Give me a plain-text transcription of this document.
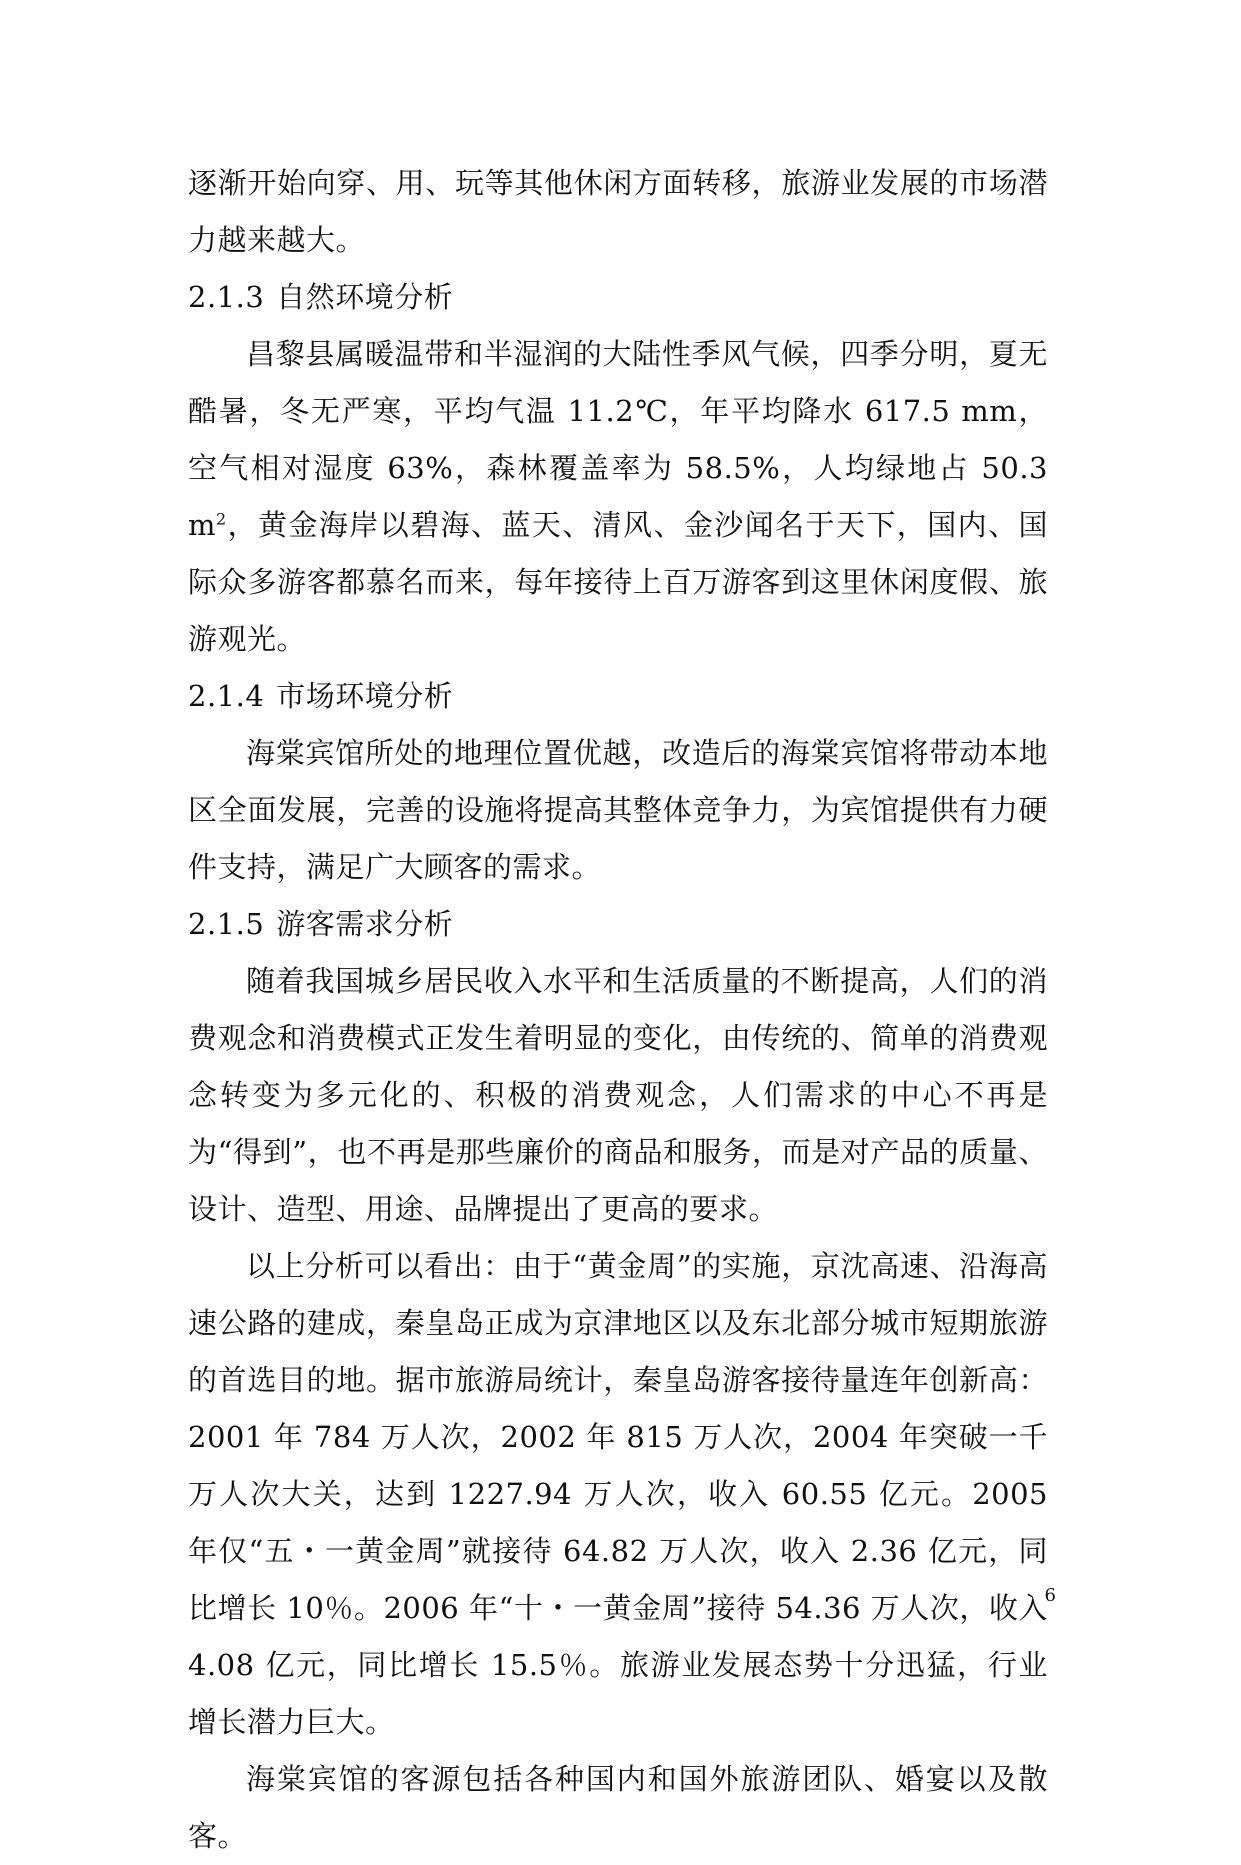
逐渐开始向穿、用、玩等其他休闲方面转移，旅游业发展的市场潜力越来越大。

2.1.3 自然环境分析

昌黎县属暖温带和半湿润的大陆性季风气候，四季分明，夏无酷暑，冬无严寒，平均气温 11.2℃，年平均降水 617.5 mm，空气相对湿度 63%，森林覆盖率为 58.5%，人均绿地占 50.3 $m^2$，黄金海岸以碧海、蓝天、清风、金沙闻名于天下，国内、国际众多游客都慕名而来，每年接待上百万游客到这里休闲度假、旅游观光。

2.1.4 市场环境分析

海棠宾馆所处的地理位置优越，改造后的海棠宾馆将带动本地区全面发展，完善的设施将提高其整体竞争力，为宾馆提供有力硬件支持，满足广大顾客的需求。

2.1.5 游客需求分析

随着我国城乡居民收入水平和生活质量的不断提高，人们的消费观念和消费模式正发生着明显的变化，由传统的、简单的消费观念转变为多元化的、积极的消费观念，人们需求的中心不再是为“得到”，也不再是那些廉价的商品和服务，而是对产品的质量、设计、造型、用途、品牌提出了更高的要求。

以上分析可以看出：由于“黄金周”的实施，京沈高速、沿海高速公路的建成，秦皇岛正成为京津地区以及东北部分城市短期旅游的首选目的地。据市旅游局统计，秦皇岛游客接待量连年创新高：2001 年 784 万人次，2002 年 815 万人次，2004 年突破一千万人次大关，达到 1227.94 万人次，收入 60.55 亿元。2005 年仅“五・一黄金周”就接待 64.82 万人次，收入 2.36 亿元，同比增长 10％。2006 年“十・一黄金周”接待 54.36 万人次，收入 4.08 亿元，同比增长 15.5％。旅游业发展态势十分迅猛，行业增长潜力巨大。

海棠宾馆的客源包括各种国内和国外旅游团队、婚宴以及散客。

6
